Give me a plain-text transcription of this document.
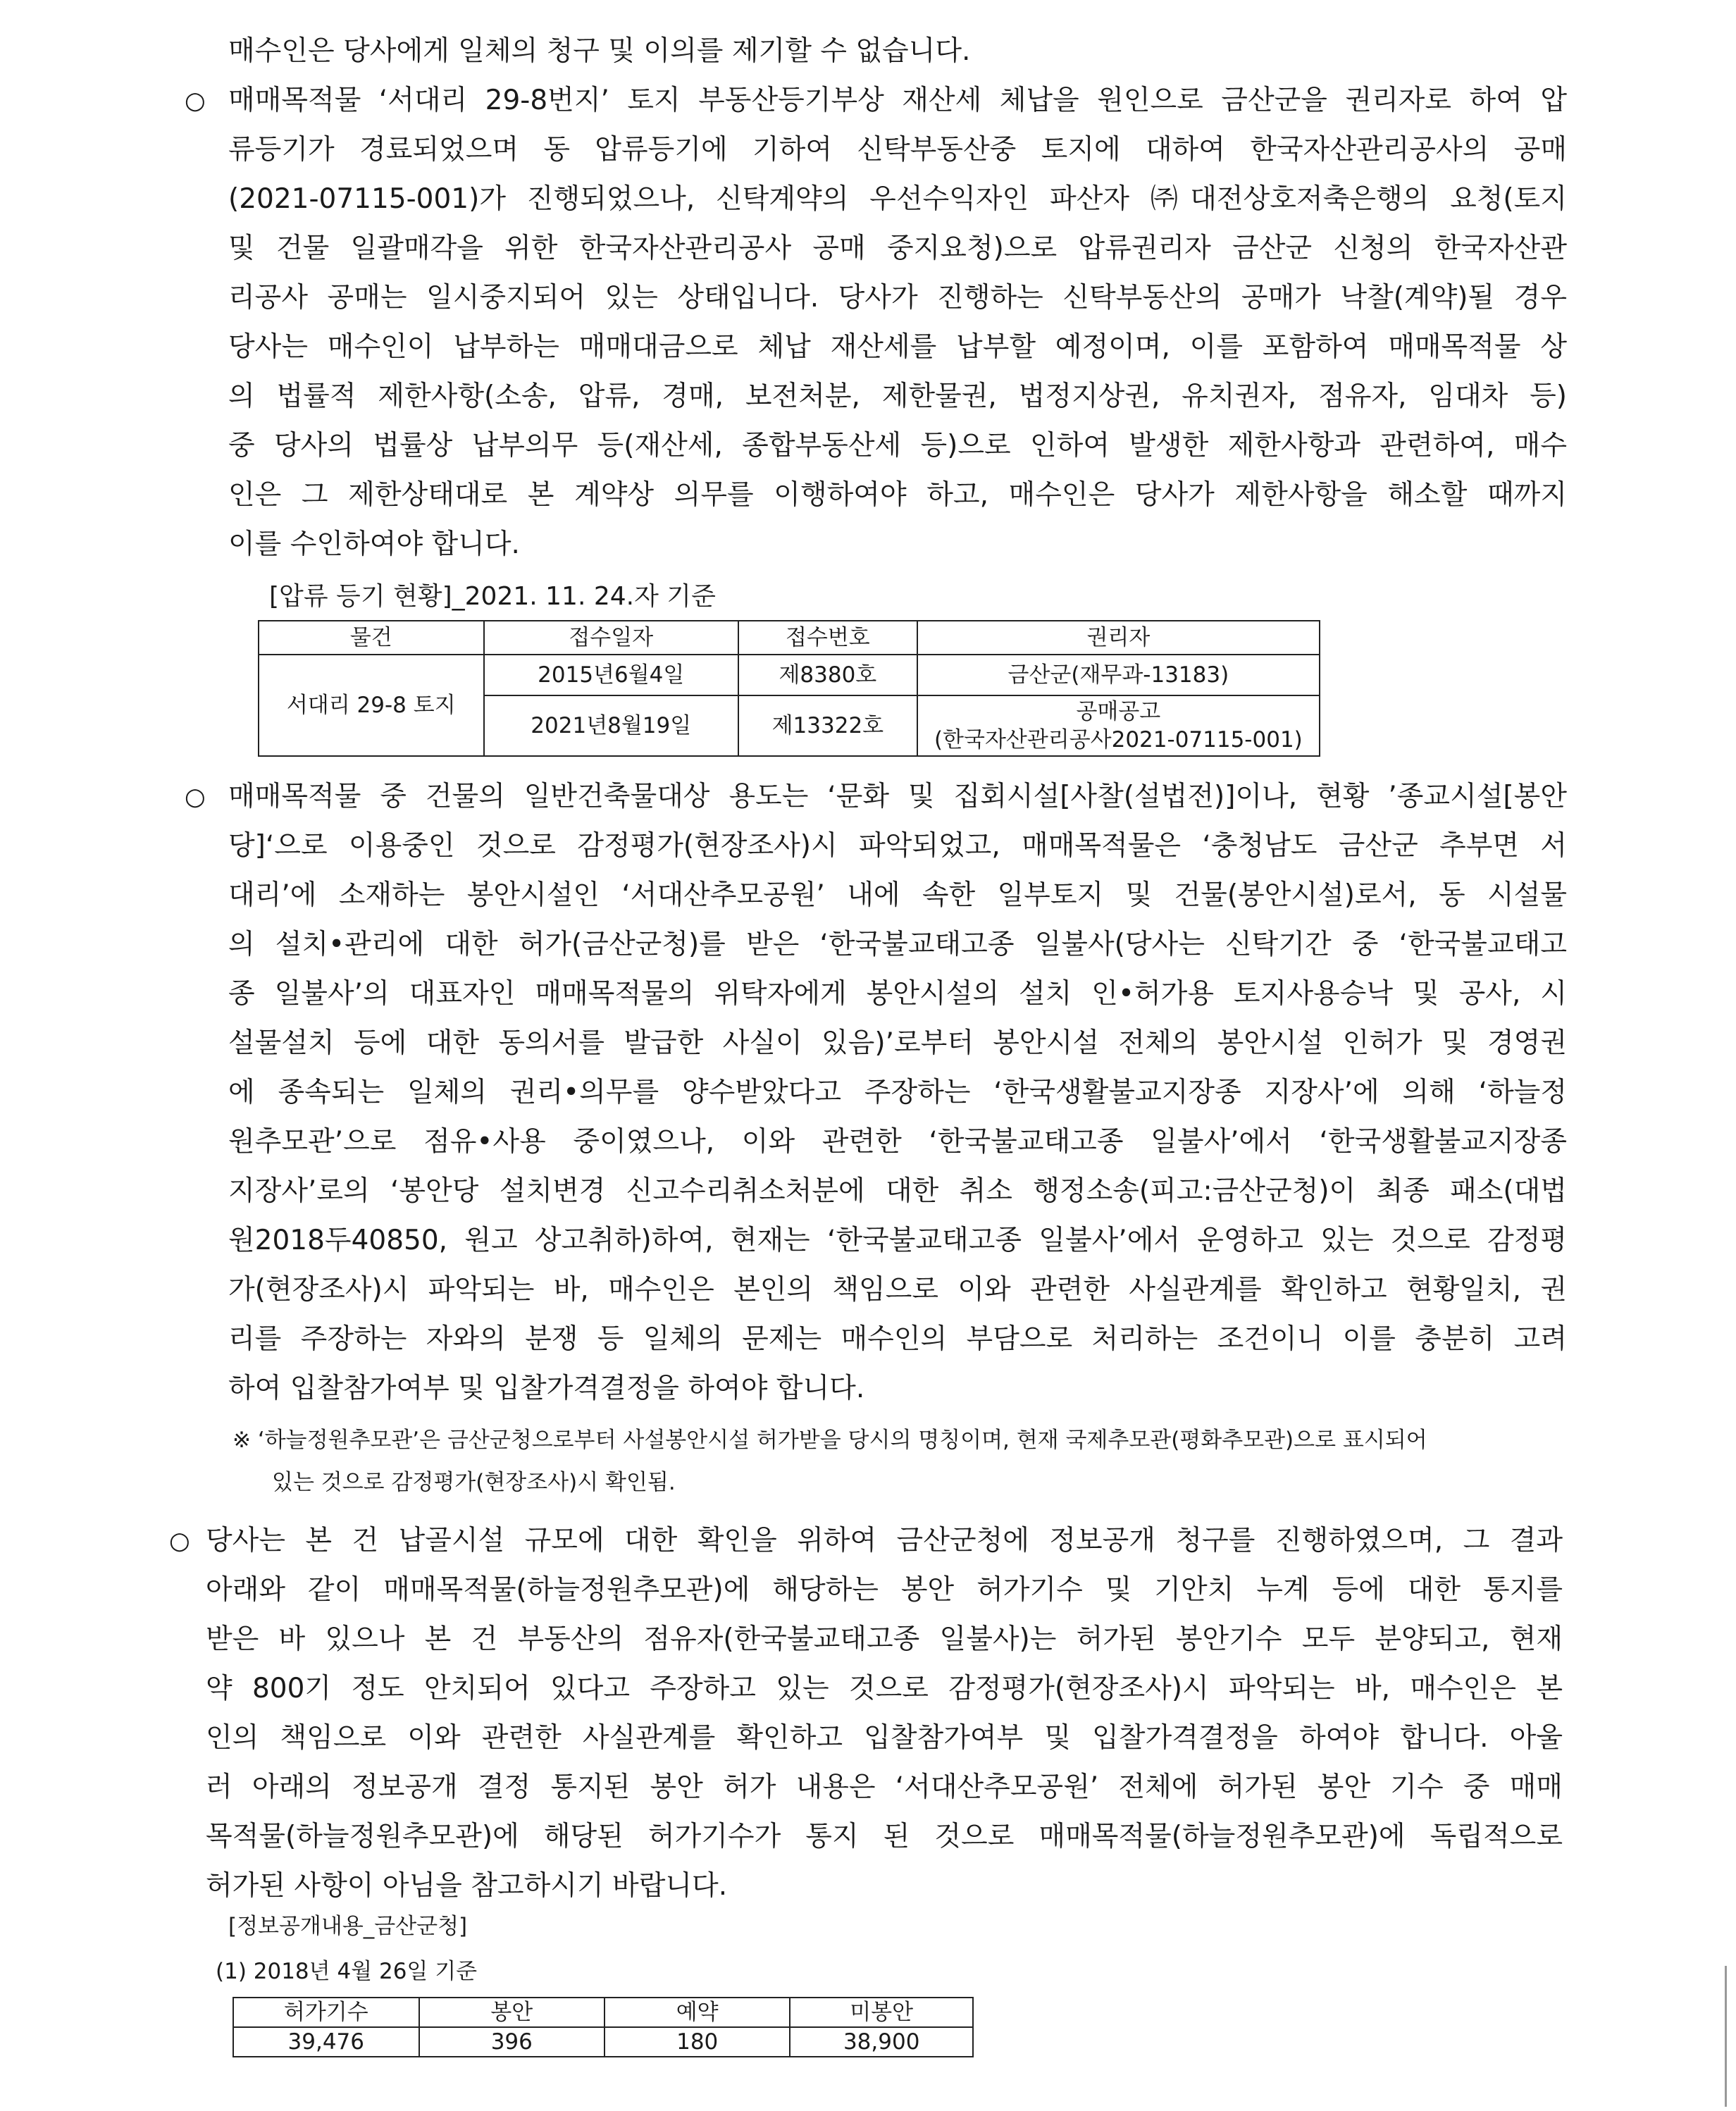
매수인은 당사에게 일체의 청구 및 이의를 제기할 수 없습니다.
○ 매매목적물 ‘서대리 29-8번지’ 토지 부동산등기부상 재산세 체납을 원인으로 금산군을 권리자로 하여 압
류등기가 경료되었으며 동 압류등기에 기하여 신탁부동산중 토지에 대하여 한국자산관리공사의 공매
(2021-07115-001)가 진행되었으나, 신탁계약의 우선수익자인 파산자 ㈜대전상호저축은행의 요청(토지
및 건물 일괄매각을 위한 한국자산관리공사 공매 중지요청)으로 압류권리자 금산군 신청의 한국자산관
리공사 공매는 일시중지되어 있는 상태입니다. 당사가 진행하는 신탁부동산의 공매가 낙찰(계약)될 경우
당사는 매수인이 납부하는 매매대금으로 체납 재산세를 납부할 예정이며, 이를 포함하여 매매목적물 상
의 법률적 제한사항(소송, 압류, 경매, 보전처분, 제한물권, 법정지상권, 유치권자, 점유자, 임대차 등)
중 당사의 법률상 납부의무 등(재산세, 종합부동산세 등)으로 인하여 발생한 제한사항과 관련하여, 매수
인은 그 제한상태대로 본 계약상 의무를 이행하여야 하고, 매수인은 당사가 제한사항을 해소할 때까지
이를 수인하여야 합니다.
[압류 등기 현황]_2021. 11. 24.자 기준
물건	접수일자	접수번호	권리자
서대리 29-8 토지	2015년6월4일	제8380호	금산군(재무과-13183)
	2021년8월19일	제13322호	공매공고
(한국자산관리공사2021-07115-001)
○ 매매목적물 중 건물의 일반건축물대상 용도는 ‘문화 및 집회시설[사찰(설법전)]이나, 현황 ’종교시설[봉안
당]‘으로 이용중인 것으로 감정평가(현장조사)시 파악되었고, 매매목적물은 ‘충청남도 금산군 추부면 서
대리’에 소재하는 봉안시설인 ‘서대산추모공원’ 내에 속한 일부토지 및 건물(봉안시설)로서, 동 시설물
의 설치•관리에 대한 허가(금산군청)를 받은 ‘한국불교태고종 일불사(당사는 신탁기간 중 ‘한국불교태고
종 일불사’의 대표자인 매매목적물의 위탁자에게 봉안시설의 설치 인•허가용 토지사용승낙 및 공사, 시
설물설치 등에 대한 동의서를 발급한 사실이 있음)’로부터 봉안시설 전체의 봉안시설 인허가 및 경영권
에 종속되는 일체의 권리•의무를 양수받았다고 주장하는 ‘한국생활불교지장종 지장사’에 의해 ‘하늘정
원추모관’으로 점유•사용 중이였으나, 이와 관련한 ‘한국불교태고종 일불사’에서 ‘한국생활불교지장종
지장사’로의 ‘봉안당 설치변경 신고수리취소처분에 대한 취소 행정소송(피고:금산군청)이 최종 패소(대법
원2018두40850, 원고 상고취하)하여, 현재는 ‘한국불교태고종 일불사’에서 운영하고 있는 것으로 감정평
가(현장조사)시 파악되는 바, 매수인은 본인의 책임으로 이와 관련한 사실관계를 확인하고 현황일치, 권
리를 주장하는 자와의 분쟁 등 일체의 문제는 매수인의 부담으로 처리하는 조건이니 이를 충분히 고려
하여 입찰참가여부 및 입찰가격결정을 하여야 합니다.
※ ‘하늘정원추모관’은 금산군청으로부터 사설봉안시설 허가받을 당시의 명칭이며, 현재 국제추모관(평화추모관)으로 표시되어
있는 것으로 감정평가(현장조사)시 확인됨.
○ 당사는 본 건 납골시설 규모에 대한 확인을 위하여 금산군청에 정보공개 청구를 진행하였으며, 그 결과
아래와 같이 매매목적물(하늘정원추모관)에 해당하는 봉안 허가기수 및 기안치 누계 등에 대한 통지를
받은 바 있으나 본 건 부동산의 점유자(한국불교태고종 일불사)는 허가된 봉안기수 모두 분양되고, 현재
약 800기 정도 안치되어 있다고 주장하고 있는 것으로 감정평가(현장조사)시 파악되는 바, 매수인은 본
인의 책임으로 이와 관련한 사실관계를 확인하고 입찰참가여부 및 입찰가격결정을 하여야 합니다. 아울
러 아래의 정보공개 결정 통지된 봉안 허가 내용은 ‘서대산추모공원’ 전체에 허가된 봉안 기수 중 매매
목적물(하늘정원추모관)에 해당된 허가기수가 통지 된 것으로 매매목적물(하늘정원추모관)에 독립적으로
허가된 사항이 아님을 참고하시기 바랍니다.
[정보공개내용_금산군청]
(1) 2018년 4월 26일 기준
허가기수	봉안	예약	미봉안
39,476	396	180	38,900
